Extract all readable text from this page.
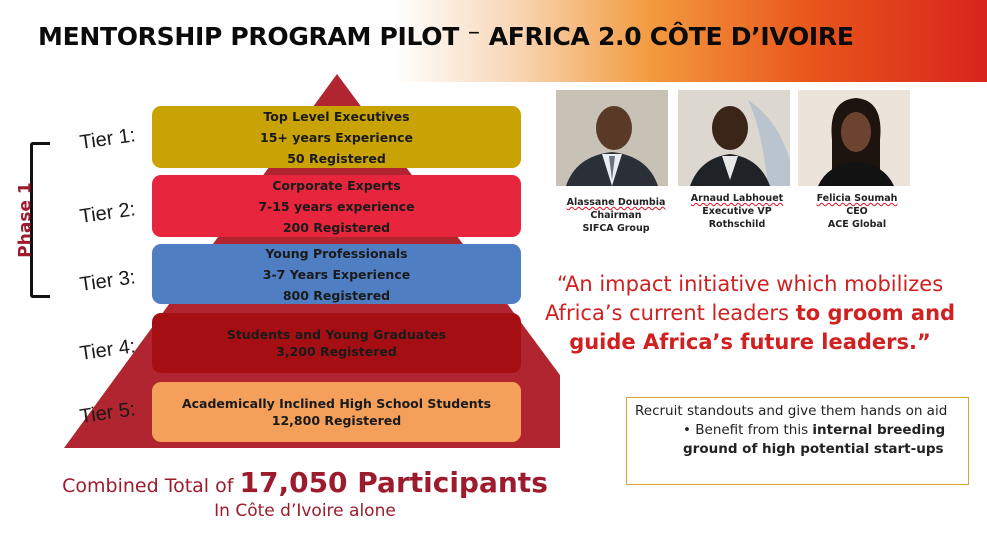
MENTORSHIP PROGRAM PILOT ⁻ AFRICA 2.0 CÔTE D’IVOIRE
Phase 1
Top Level Executives
15+ years Experience
50 Registered
Corporate Experts
7-15 years experience
200 Registered
Young Professionals
3-7 Years Experience
800 Registered
Students and Young Graduates
3,200 Registered
Academically Inclined High School Students
12,800 Registered
Tier 1:
Tier 2:
Tier 3:
Tier 4:
Tier 5:
Alassane Doumbia
Chairman
SIFCA Group
Arnaud Labhouet
Executive VP
Rothschild
Felicia Soumah
CEO
ACE Global
“An impact initiative which mobilizes Africa’s current leaders to groom and guide Africa’s future leaders.”
Recruit standouts and give them hands on aid
• Benefit from this internal breeding ground of high potential start-ups
Combined Total of 17,050 Participants
In Côte d’Ivoire alone
